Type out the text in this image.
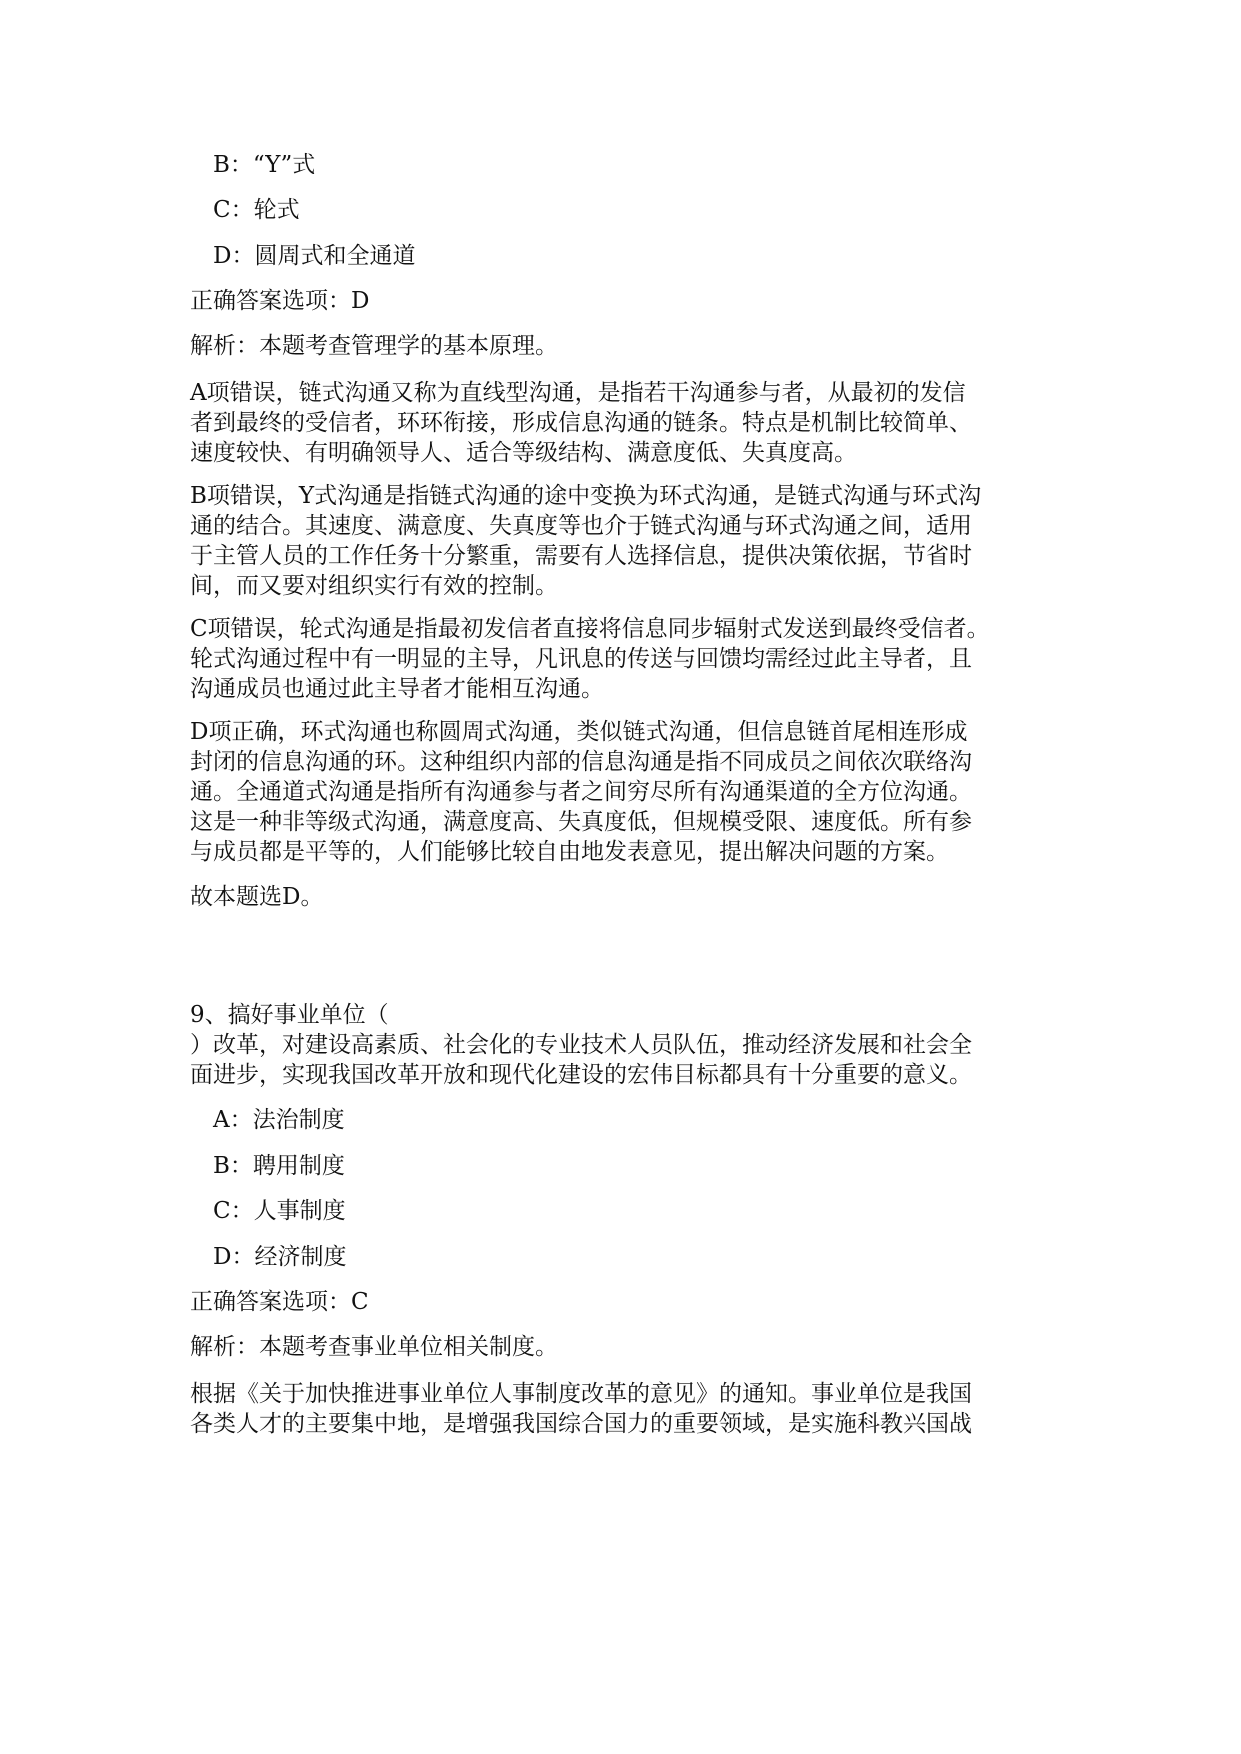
B：“Y”式
C：轮式
D：圆周式和全通道
正确答案选项：D
解析：本题考查管理学的基本原理。
A项错误，链式沟通又称为直线型沟通，是指若干沟通参与者，从最初的发信
者到最终的受信者，环环衔接，形成信息沟通的链条。特点是机制比较简单、
速度较快、有明确领导人、适合等级结构、满意度低、失真度高。
B项错误，Y式沟通是指链式沟通的途中变换为环式沟通，是链式沟通与环式沟
通的结合。其速度、满意度、失真度等也介于链式沟通与环式沟通之间，适用
于主管人员的工作任务十分繁重，需要有人选择信息，提供决策依据，节省时
间，而又要对组织实行有效的控制。
C项错误，轮式沟通是指最初发信者直接将信息同步辐射式发送到最终受信者。
轮式沟通过程中有一明显的主导，凡讯息的传送与回馈均需经过此主导者，且
沟通成员也通过此主导者才能相互沟通。
D项正确，环式沟通也称圆周式沟通，类似链式沟通，但信息链首尾相连形成
封闭的信息沟通的环。这种组织内部的信息沟通是指不同成员之间依次联络沟
通。全通道式沟通是指所有沟通参与者之间穷尽所有沟通渠道的全方位沟通。
这是一种非等级式沟通，满意度高、失真度低，但规模受限、速度低。所有参
与成员都是平等的，人们能够比较自由地发表意见，提出解决问题的方案。
故本题选D。
9、搞好事业单位（
）改革，对建设高素质、社会化的专业技术人员队伍，推动经济发展和社会全
面进步，实现我国改革开放和现代化建设的宏伟目标都具有十分重要的意义。
A：法治制度
B：聘用制度
C：人事制度
D：经济制度
正确答案选项：C
解析：本题考查事业单位相关制度。
根据《关于加快推进事业单位人事制度改革的意见》的通知。事业单位是我国
各类人才的主要集中地，是增强我国综合国力的重要领域，是实施科教兴国战
